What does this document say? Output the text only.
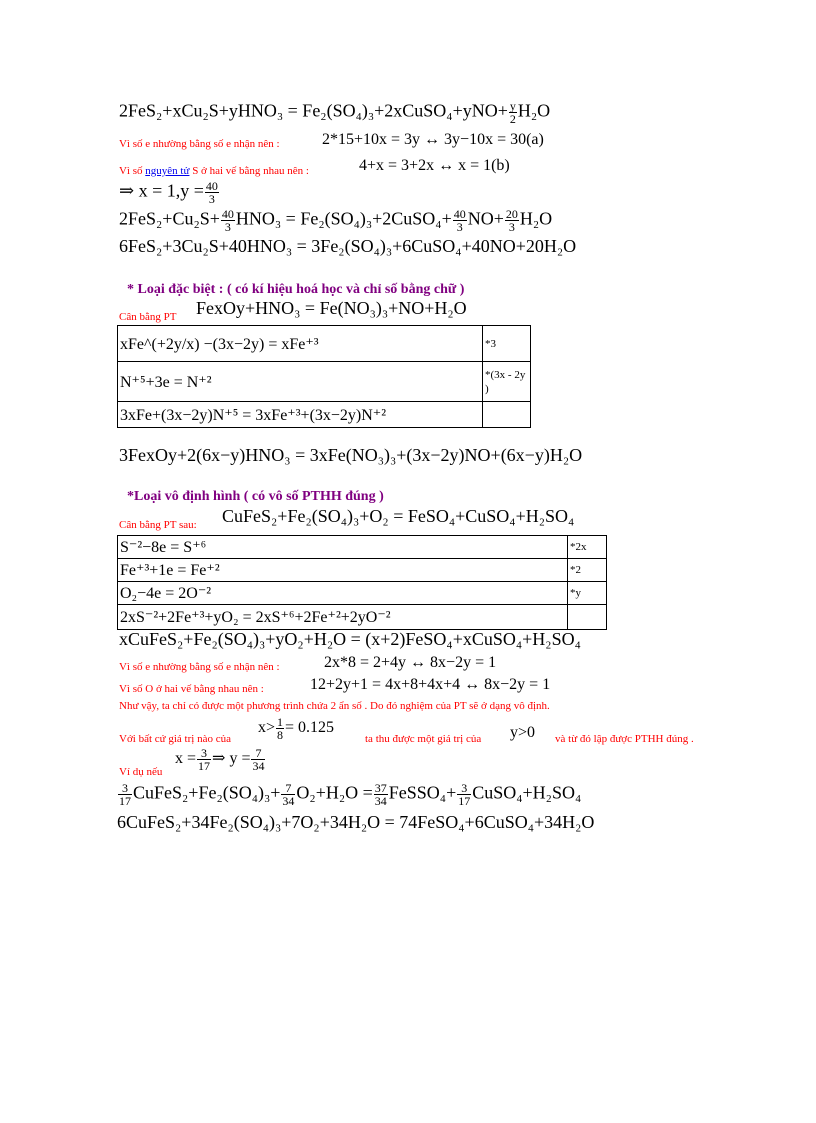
2FeS₂+xCu₂S+yHNO₃ = Fe₂(SO₄)₃+2xCuSO₄+yNO+ $\frac{y}{2} H_2O$
Vì số e nhường bằng số e nhận nên :	2*15+10x = 3y ↔ 3y−10x = 30(a)
Vì số nguyên tử S ở hai vế bằng nhau nên :	4+x = 3+2x ↔ x = 1(b)
⇒ $x = 1,y = \frac{40}{3}$
$2FeS_2+Cu_2S+ \frac{40}{3} HNO_3$ = Fe₂(SO₄)₃+2CuSO₄+ $\frac{40}{3} NO+ \frac{20}{3} H_2O$
6FeS₂+3Cu₂S+40HNO₃ = 3Fe₂(SO₄)₃+6CuSO₄+40NO+20H₂O
* Loại đặc biệt : ( có kí hiệu hoá học và chỉ số bằng chữ )
Cân bằng PT FexOy+HNO₃ = Fe(NO₃)₃+NO+H₂O
xFe^(+2y/x) −(3x−2y) = xFe⁺³	*3
N⁺⁵+3e = N⁺²	*(3x - 2y )
3xFe+(3x−2y)N⁺⁵ = 3xFe⁺³+(3x−2y)N⁺²	
3FexOy+2(6x−y)HNO₃ = 3xFe(NO₃)₃+(3x−2y)NO+(6x−y)H₂O
*Loại vô định hình ( có vô số PTHH đúng )
Cân bằng PT sau: CuFeS₂+Fe₂(SO₄)₃+O₂ = FeSO₄+CuSO₄+H₂SO₄
S⁻²−8e = S⁺⁶	*2x
Fe⁺³+1e = Fe⁺²	*2
O₂−4e = 2O⁻²	*y
2xS⁻²+2Fe⁺³+yO₂ = 2xS⁺⁶+2Fe⁺²+2yO⁻²	
xCuFeS₂+Fe₂(SO₄)₃+yO₂+H₂O = (x+2)FeSO₄+xCuSO₄+H₂SO₄
Vì số e nhường bằng số e nhận nên :	2x*8 = 2+4y ↔ 8x−2y = 1
Vì số O ở hai vế bằng nhau nên :	12+2y+1 = 4x+8+4x+4 ↔ 8x−2y = 1
Như vậy, ta chỉ có được một phương trình chứa 2 ẩn số . Do đó nghiệm của PT sẽ ở dạng vô định.
Với bất cứ giá trị nào của
$x> \frac{1}{8} = 0.125$
ta thu được một giá trị của y>0 và từ đó lập được PTHH đúng .
Ví dụ nếu
$x = \frac{3}{17}$ ⇒ $y = \frac{7}{34}$
$\frac{3}{17}$ CuFeS₂+Fe₂(SO₄)₃+ $\frac{7}{34} O_2+H_2O = \frac{37}{34}$ FeSSO₄+ $\frac{3}{17}$ CuSO₄+H₂SO₄
6CuFeS₂+34Fe₂(SO₄)₃+7O₂+34H₂O = 74FeSO₄+6CuSO₄+34H₂O
